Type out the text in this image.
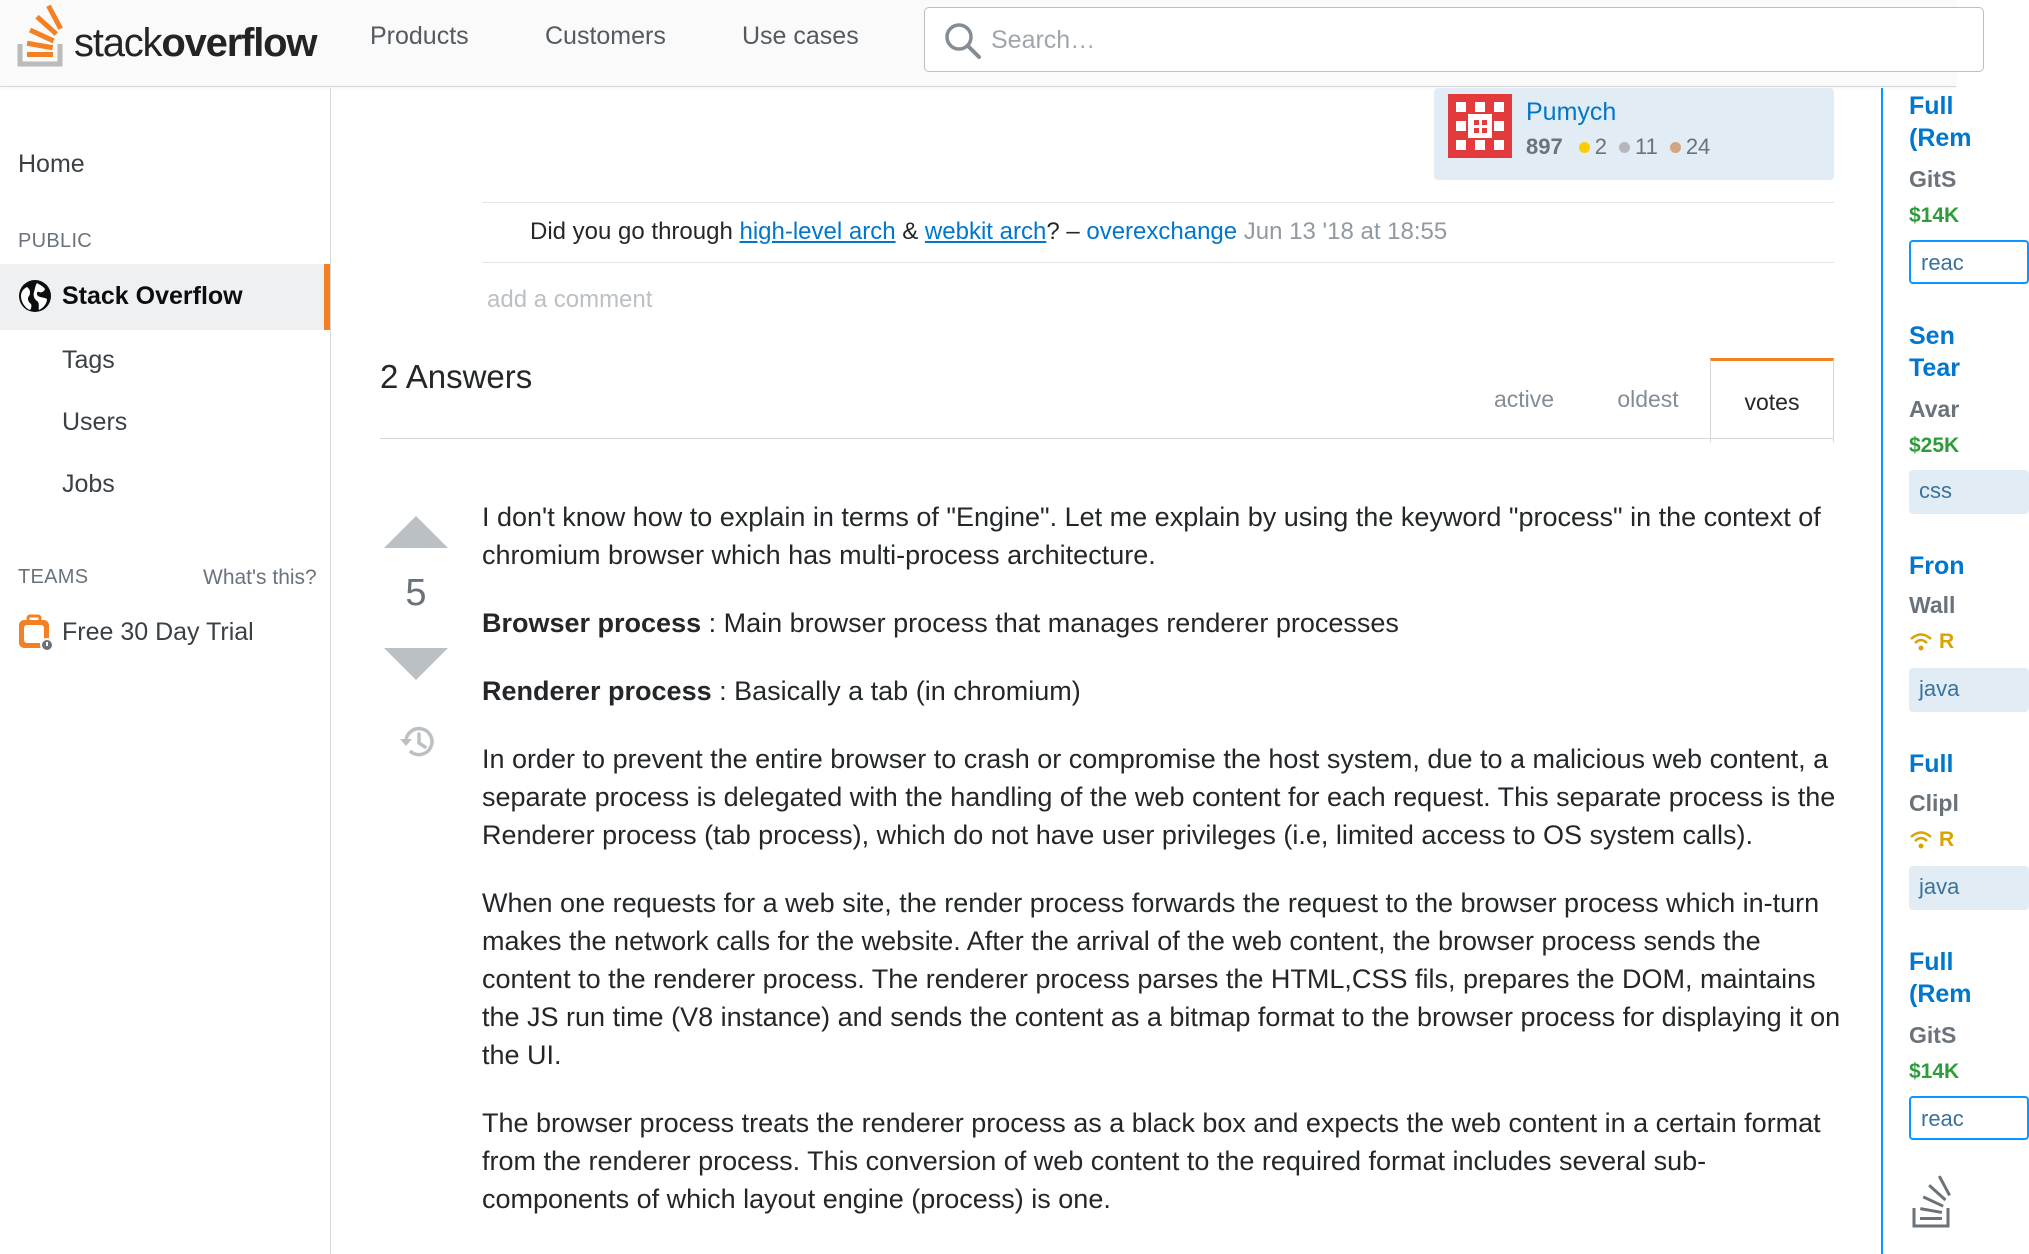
stackoverflow Products	Customers	Use cases
Search…
Home
PUBLIC
Stack Overflow
Tags
Users
Jobs
TEAMS	What's this?
Free 30 Day Trial
Pumych
897 2 11 24
Did you go through high-level arch & webkit arch? – overexchange Jun 13 '18 at 18:55
add a comment
2 Answers
active	oldest	votes
5

I don't know how to explain in terms of "Engine". Let me explain by using the keyword "process" in the context of chromium browser which has multi-process architecture.

Browser process : Main browser process that manages renderer processes

Renderer process : Basically a tab (in chromium)

In order to prevent the entire browser to crash or compromise the host system, due to a malicious web content, a separate process is delegated with the handling of the web content for each request. This separate process is the Renderer process (tab process), which do not have user privileges (i.e, limited access to OS system calls).

When one requests for a web site, the render process forwards the request to the browser process which in-turn makes the network calls for the website. After the arrival of the web content, the browser process sends the content to the renderer process. The renderer process parses the HTML,CSS fils, prepares the DOM, maintains the JS run time (V8 instance) and sends the content as a bitmap format to the browser process for displaying it on the UI.

The browser process treats the renderer process as a black box and expects the web content in a certain format from the renderer process. This conversion of web content to the required format includes several sub-components of which layout engine (process) is one.

Full
(Rem
GitS
$14K
reac
Sen
Tear
Avar
$25K
css
Fron
Wall
R
java
Full
Clipl
R
java
Full
(Rem
GitS
$14K
reac
